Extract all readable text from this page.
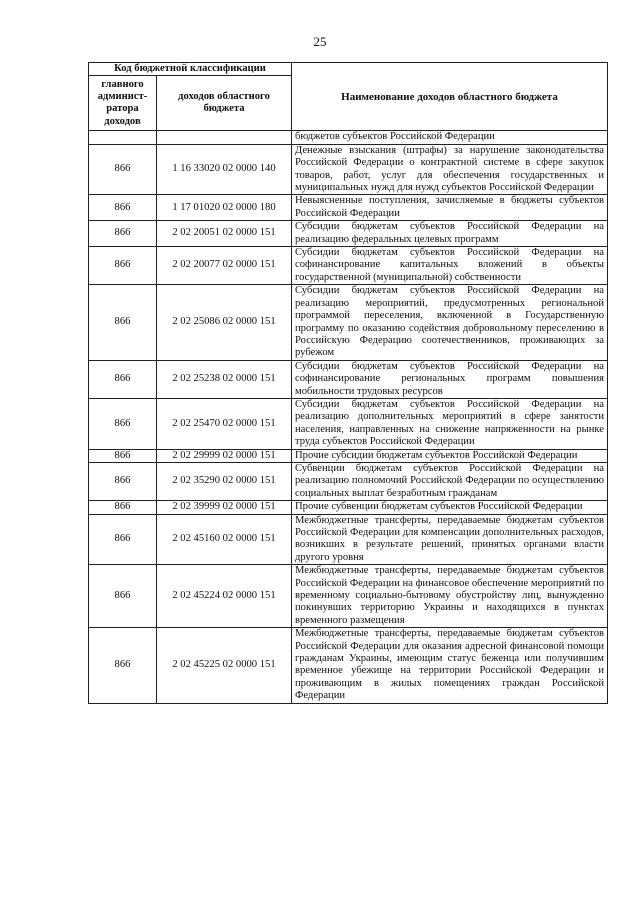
25
Код бюджетной классификации		Наименование доходов областного бюджета
главного админист-ратора доходов	доходов областного бюджета	
		бюджетов субъектов Российской Федерации
866	1 16 33020 02 0000 140	Денежные взыскания (штрафы) за нарушение законодательства Российской Федерации о контрактной системе в сфере закупок товаров, работ, услуг для обеспечения государственных и муниципальных нужд для нужд субъектов Российской Федерации
866	1 17 01020 02 0000 180	Невыясненные поступления, зачисляемые в бюджеты субъектов Российской Федерации
866	2 02 20051 02 0000 151	Субсидии бюджетам субъектов Российской Федерации на реализацию федеральных целевых программ
866	2 02 20077 02 0000 151	Субсидии бюджетам субъектов Российской Федерации на софинансирование капитальных вложений в объекты государственной (муниципальной) собственности
866	2 02 25086 02 0000 151	Субсидии бюджетам субъектов Российской Федерации на реализацию мероприятий, предусмотренных региональной программой переселения, включенной в Государственную программу по оказанию содействия добровольному переселению в Российскую Федерацию соотечественников, проживающих за рубежом
866	2 02 25238 02 0000 151	Субсидии бюджетам субъектов Российской Федерации на софинансирование региональных программ повышения мобильности трудовых ресурсов
866	2 02 25470 02 0000 151	Субсидии бюджетам субъектов Российской Федерации на реализацию дополнительных мероприятий в сфере занятости населения, направленных на снижение напряженности на рынке труда субъектов Российской Федерации
866	2 02 29999 02 0000 151	Прочие субсидии бюджетам субъектов Российской Федерации
866	2 02 35290 02 0000 151	Субвенции бюджетам субъектов Российской Федерации на реализацию полномочий Российской Федерации по осуществлению социальных выплат безработным гражданам
866	2 02 39999 02 0000 151	Прочие субвенции бюджетам субъектов Российской Федерации
866	2 02 45160 02 0000 151	Межбюджетные трансферты, передаваемые бюджетам субъектов Российской Федерации для компенсации дополнительных расходов, возникших в результате решений, принятых органами власти другого уровня
866	2 02 45224 02 0000 151	Межбюджетные трансферты, передаваемые бюджетам субъектов Российской Федерации на финансовое обеспечение мероприятий по временному социально-бытовому обустройству лиц, вынужденно покинувших территорию Украины и находящихся в пунктах временного размещения
866	2 02 45225 02 0000 151	Межбюджетные трансферты, передаваемые бюджетам субъектов Российской Федерации для оказания адресной финансовой помощи гражданам Украины, имеющим статус беженца или получившим временное убежище на территории Российской Федерации и проживающим в жилых помещениях граждан Российской Федерации
